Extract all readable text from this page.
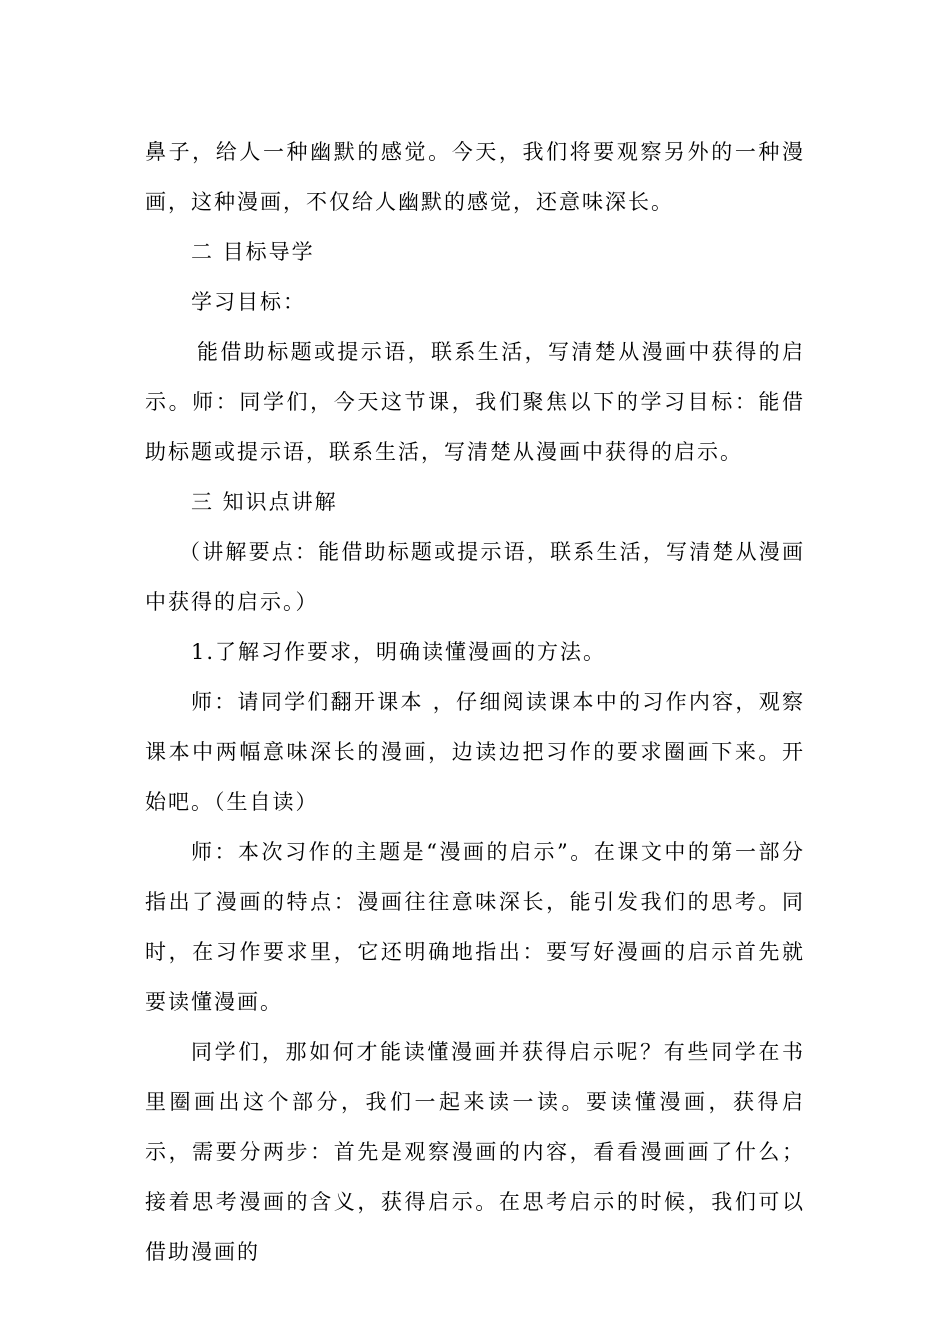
鼻子，给人一种幽默的感觉。今天，我们将要观察另外的一种漫画，这种漫画，不仅给人幽默的感觉，还意味深长。

二 目标导学

学习目标：

能借助标题或提示语，联系生活，写清楚从漫画中获得的启示。师：同学们，今天这节课，我们聚焦以下的学习目标：能借助标题或提示语，联系生活，写清楚从漫画中获得的启示。

三 知识点讲解

（讲解要点：能借助标题或提示语，联系生活，写清楚从漫画中获得的启示。）

1.了解习作要求，明确读懂漫画的方法。

师：请同学们翻开课本 ，仔细阅读课本中的习作内容，观察课本中两幅意味深长的漫画，边读边把习作的要求圈画下来。开始吧。（生自读）

师：本次习作的主题是“漫画的启示”。在课文中的第一部分指出了漫画的特点：漫画往往意味深长，能引发我们的思考。同时，在习作要求里，它还明确地指出：要写好漫画的启示首先就要读懂漫画。

同学们，那如何才能读懂漫画并获得启示呢？有些同学在书里圈画出这个部分，我们一起来读一读。要读懂漫画，获得启示，需要分两步：首先是观察漫画的内容，看看漫画画了什么；接着思考漫画的含义，获得启示。在思考启示的时候，我们可以借助漫画的
